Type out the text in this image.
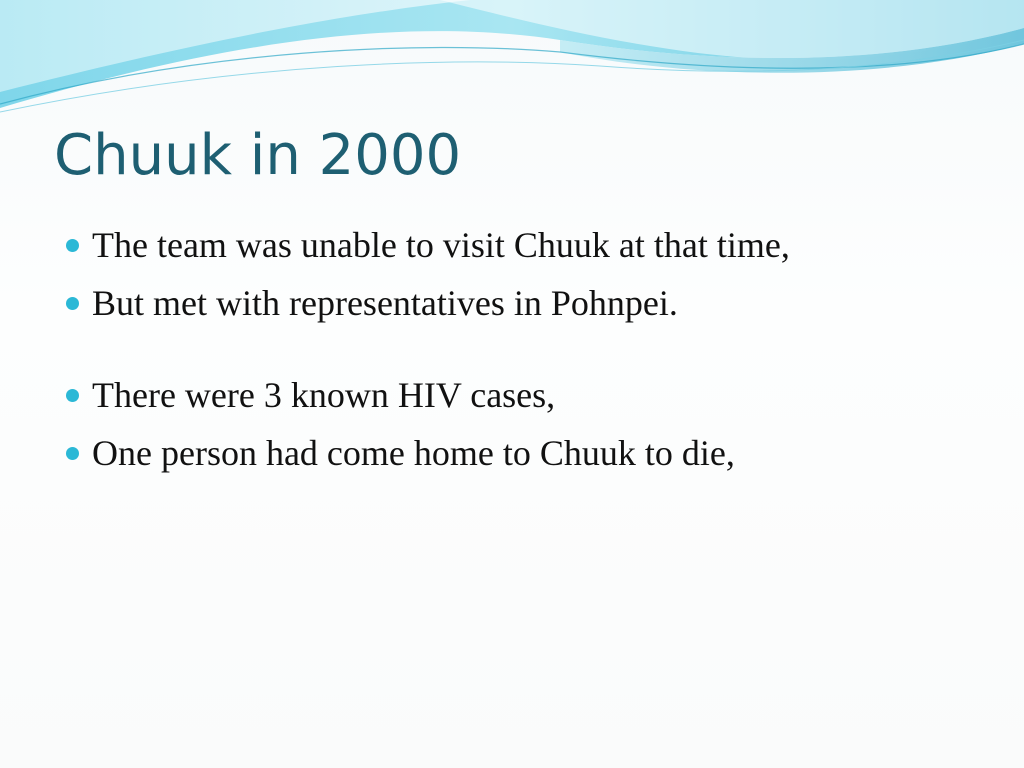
Chuuk in 2000
The team was unable to visit Chuuk at that time,
But met with representatives in Pohnpei.
There were 3 known HIV cases,
One person had come home to Chuuk to die,
